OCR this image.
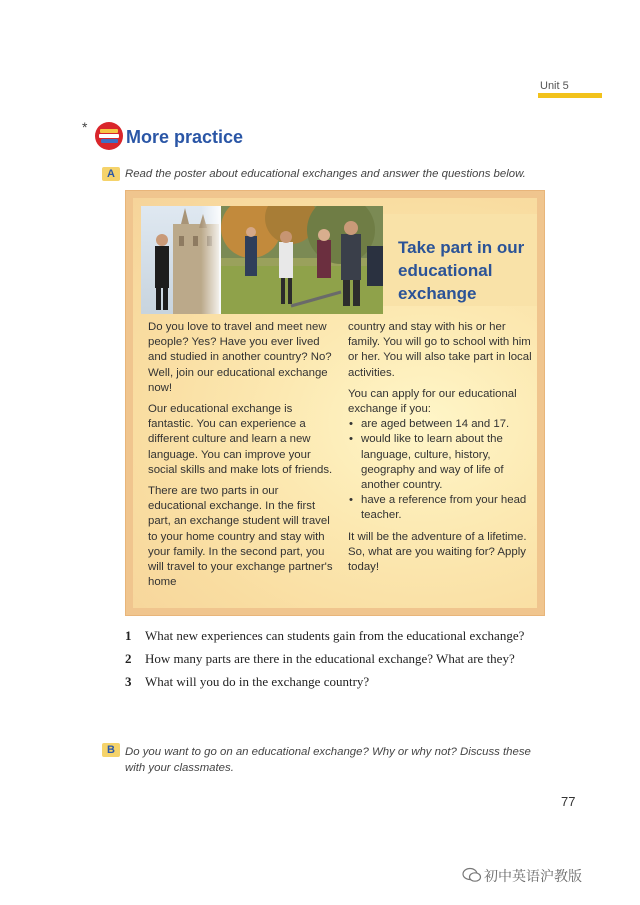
Unit 5
* More practice
A Read the poster about educational exchanges and answer the questions below.
Take part in our
educational
exchange

Do you love to travel and meet new people? Yes? Have you ever lived and studied in another country? No? Well, join our educational exchange now!

Our educational exchange is fantastic. You can experience a different culture and learn a new language. You can improve your social skills and make lots of friends.

There are two parts in our educational exchange. In the first part, an exchange student will travel to your home country and stay with your family. In the second part, you will travel to your exchange partner's home

country and stay with his or her family. You will go to school with him or her. You will also take part in local activities.

You can apply for our educational exchange if you:

• are aged between 14 and 17.
• would like to learn about the language, culture, history, geography and way of life of another country.
• have a reference from your head teacher.

It will be the adventure of a lifetime. So, what are you waiting for? Apply today!

1 What new experiences can students gain from the educational exchange?
2 How many parts are there in the educational exchange? What are they?
3 What will you do in the exchange country?
B Do you want to go on an educational exchange? Why or why not? Discuss these with your classmates.
77
初中英语沪教版
